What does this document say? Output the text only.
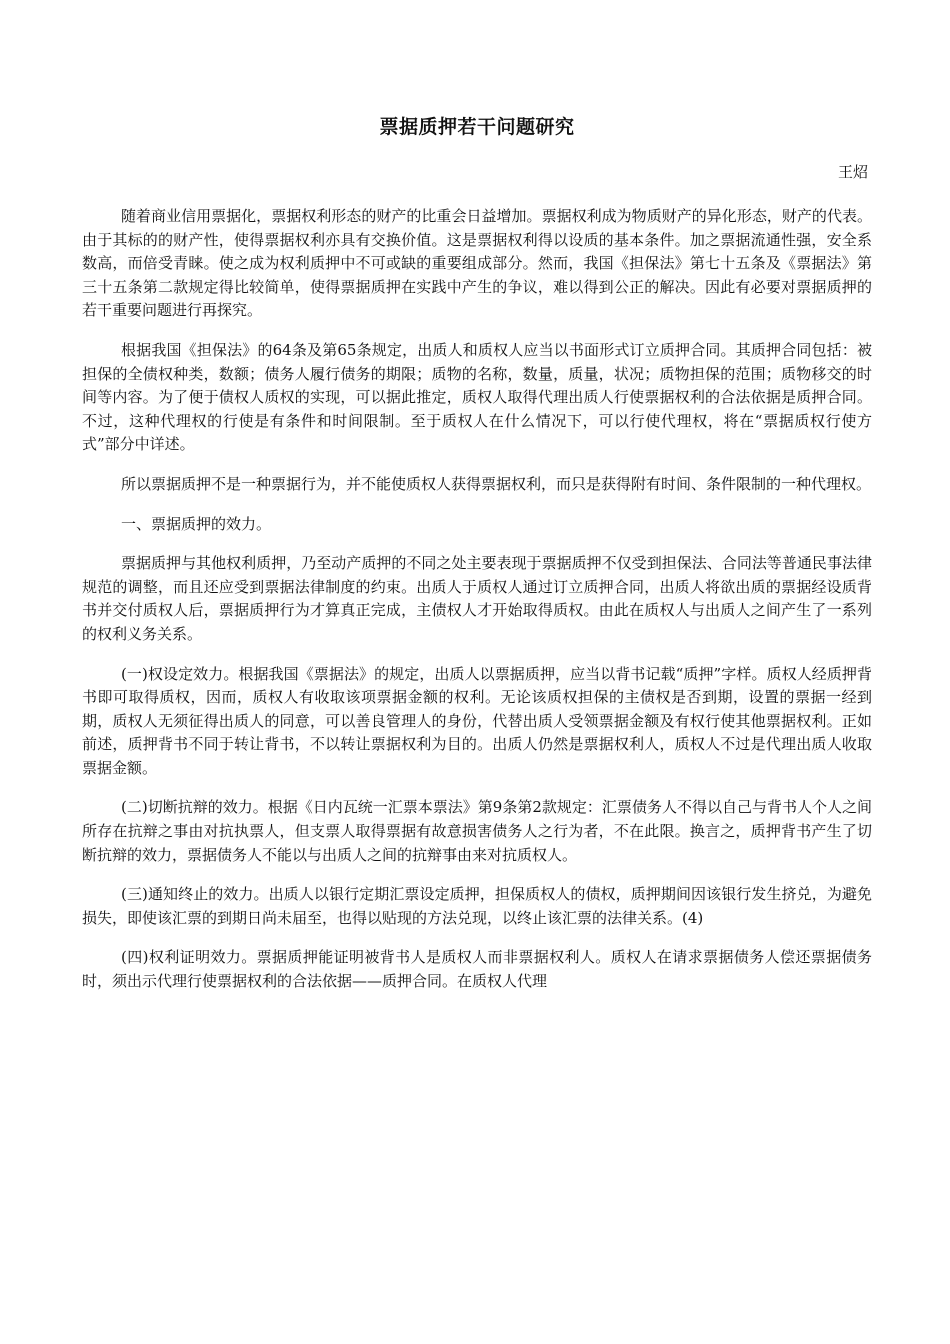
票据质押若干问题研究
王炤

随着商业信用票据化，票据权利形态的财产的比重会日益增加。票据权利成为物质财产的异化形态，财产的代表。由于其标的的财产性，使得票据权利亦具有交换价值。这是票据权利得以设质的基本条件。加之票据流通性强，安全系数高，而倍受青睐。使之成为权利质押中不可或缺的重要组成部分。然而，我国《担保法》第七十五条及《票据法》第三十五条第二款规定得比较简单，使得票据质押在实践中产生的争议，难以得到公正的解决。因此有必要对票据质押的若干重要问题进行再探究。

根据我国《担保法》的64条及第65条规定，出质人和质权人应当以书面形式订立质押合同。其质押合同包括：被担保的全债权种类，数额；债务人履行债务的期限；质物的名称，数量，质量，状况；质物担保的范围；质物移交的时间等内容。为了便于债权人质权的实现，可以据此推定，质权人取得代理出质人行使票据权利的合法依据是质押合同。不过，这种代理权的行使是有条件和时间限制。至于质权人在什么情况下，可以行使代理权，将在“票据质权行使方式”部分中详述。

所以票据质押不是一种票据行为，并不能使质权人获得票据权利，而只是获得附有时间、条件限制的一种代理权。

一、票据质押的效力。

票据质押与其他权利质押，乃至动产质押的不同之处主要表现于票据质押不仅受到担保法、合同法等普通民事法律规范的调整，而且还应受到票据法律制度的约束。出质人于质权人通过订立质押合同，出质人将欲出质的票据经设质背书并交付质权人后，票据质押行为才算真正完成，主债权人才开始取得质权。由此在质权人与出质人之间产生了一系列的权利义务关系。

(一)权设定效力。根据我国《票据法》的规定，出质人以票据质押，应当以背书记载“质押”字样。质权人经质押背书即可取得质权，因而，质权人有收取该项票据金额的权利。无论该质权担保的主债权是否到期，设置的票据一经到期，质权人无须征得出质人的同意，可以善良管理人的身份，代替出质人受领票据金额及有权行使其他票据权利。正如前述，质押背书不同于转让背书，不以转让票据权利为目的。出质人仍然是票据权利人，质权人不过是代理出质人收取票据金额。

(二)切断抗辩的效力。根据《日内瓦统一汇票本票法》第9条第2款规定：汇票债务人不得以自己与背书人个人之间所存在抗辩之事由对抗执票人，但支票人取得票据有故意损害债务人之行为者，不在此限。换言之，质押背书产生了切断抗辩的效力，票据债务人不能以与出质人之间的抗辩事由来对抗质权人。

(三)通知终止的效力。出质人以银行定期汇票设定质押，担保质权人的债权，质押期间因该银行发生挤兑，为避免损失，即使该汇票的到期日尚未届至，也得以贴现的方法兑现，以终止该汇票的法律关系。(4)

(四)权利证明效力。票据质押能证明被背书人是质权人而非票据权利人。质权人在请求票据债务人偿还票据债务时，须出示代理行使票据权利的合法依据——质押合同。在质权人代理
